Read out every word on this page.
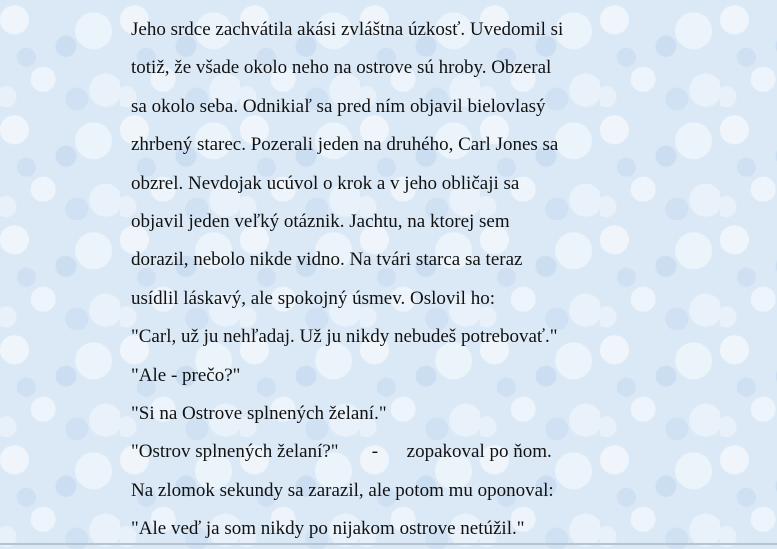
Jeho srdce zachvátila akási zvláštna úzkosť. Uvedomil si
totiž, že všade okolo neho na ostrove sú hroby. Obzeral
sa okolo seba. Odnikiaľ sa pred ním objavil bielovlasý
zhrbený starec. Pozerali jeden na druhého, Carl Jones sa
obzrel. Nevdojak ucúvol o krok a v jeho obličaji sa
objavil jeden veľký otáznik. Jachtu, na ktorej sem
dorazil, nebolo nikde vidno. Na tvári starca sa teraz
usídlil láskavý, ale spokojný úsmev. Oslovil ho:
"Carl, už ju nehľadaj. Už ju nikdy nebudeš potrebovať."
"Ale - prečo?"
"Si na Ostrove splnených želaní."
"Ostrov splnených želaní?"       -      zopakoval po ňom.
Na zlomok sekundy sa zarazil, ale potom mu oponoval:
"Ale veď ja som nikdy po nijakom ostrove netúžil."
